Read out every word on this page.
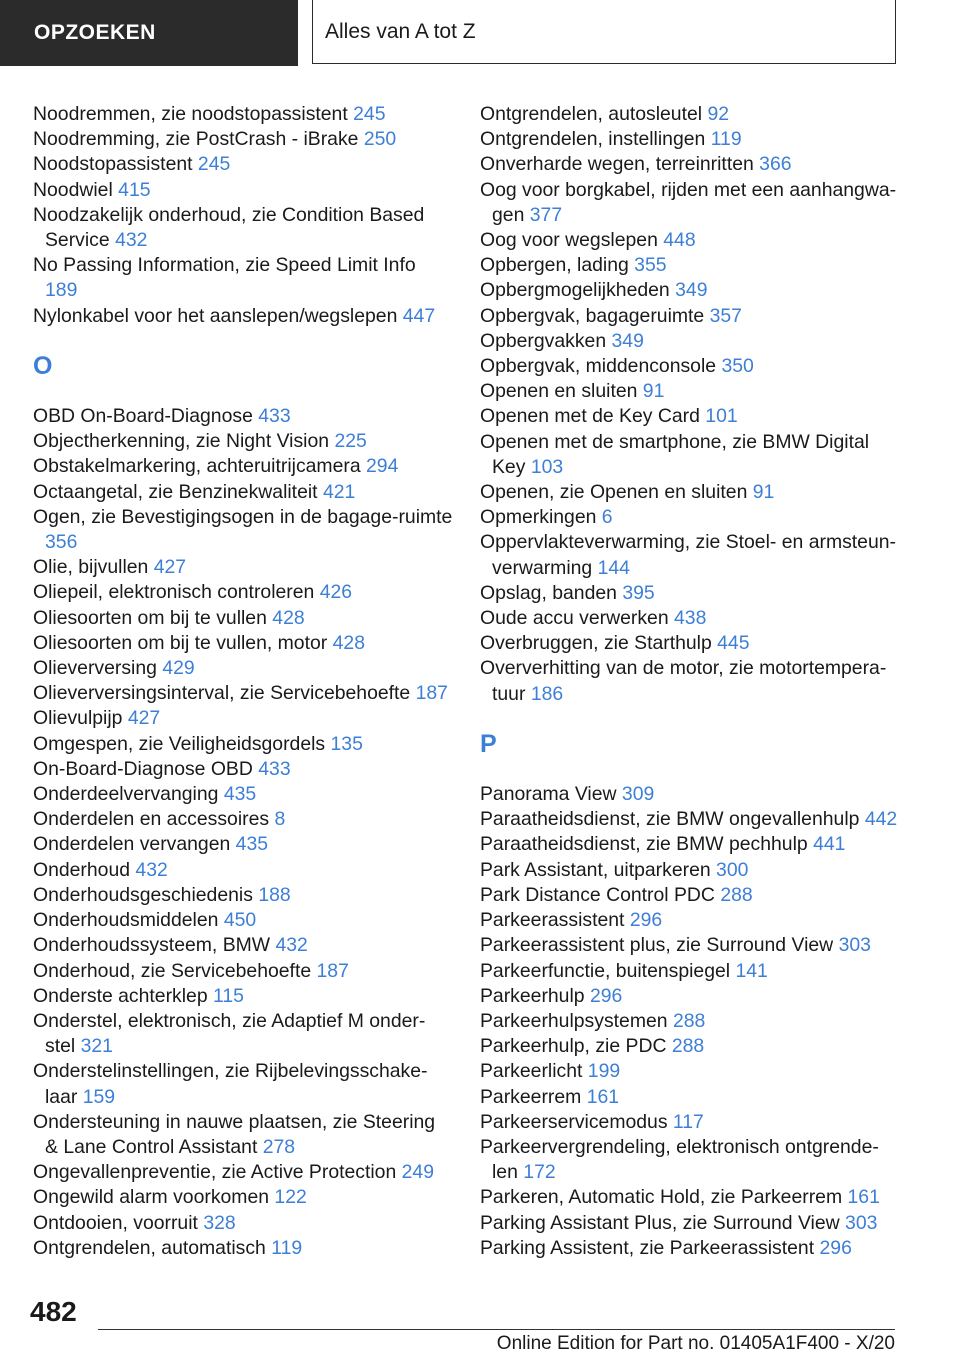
OPZOEKEN	Alles van A tot Z
Noodremmen, zie noodstopassistent 245
Noodremming, zie PostCrash - iBrake 250
Noodstopassistent 245
Noodwiel 415
Noodzakelijk onderhoud, zie Condition Based Service 432
No Passing Information, zie Speed Limit Info 189
Nylonkabel voor het aanslepen/wegslepen 447
O
OBD On-Board-Diagnose 433
Objectherkenning, zie Night Vision 225
Obstakelmarkering, achteruitrijcamera 294
Octaangetal, zie Benzinekwaliteit 421
Ogen, zie Bevestigingsogen in de bagage-ruimte 356
Olie, bijvullen 427
Oliepeil, elektronisch controleren 426
Oliesoorten om bij te vullen 428
Oliesoorten om bij te vullen, motor 428
Olieverversing 429
Olieverversingsinterval, zie Servicebehoefte 187
Olievulpijp 427
Omgespen, zie Veiligheidsgordels 135
On-Board-Diagnose OBD 433
Onderdeelvervanging 435
Onderdelen en accessoires 8
Onderdelen vervangen 435
Onderhoud 432
Onderhoudsgeschiedenis 188
Onderhoudsmiddelen 450
Onderhoudssysteem, BMW 432
Onderhoud, zie Servicebehoefte 187
Onderste achterklep 115
Onderstel, elektronisch, zie Adaptief M onder-stel 321
Onderstelinstellingen, zie Rijbelevingsschake-laar 159
Ondersteuning in nauwe plaatsen, zie Steering & Lane Control Assistant 278
Ongevallenpreventie, zie Active Protection 249
Ongewild alarm voorkomen 122
Ontdooien, voorruit 328
Ontgrendelen, automatisch 119
Ontgrendelen, autosleutel 92
Ontgrendelen, instellingen 119
Onverharde wegen, terreinritten 366
Oog voor borgkabel, rijden met een aanhangwa-gen 377
Oog voor wegslepen 448
Opbergen, lading 355
Opbergmogelijkheden 349
Opbergvak, bagageruimte 357
Opbergvakken 349
Opbergvak, middenconsole 350
Openen en sluiten 91
Openen met de Key Card 101
Openen met de smartphone, zie BMW Digital Key 103
Openen, zie Openen en sluiten 91
Opmerkingen 6
Oppervlakteverwarming, zie Stoel- en armsteun-verwarming 144
Opslag, banden 395
Oude accu verwerken 438
Overbruggen, zie Starthulp 445
Oververhitting van de motor, zie motortempera-tuur 186
P
Panorama View 309
Paraatheidsdienst, zie BMW ongevallenhulp 442
Paraatheidsdienst, zie BMW pechhulp 441
Park Assistant, uitparkeren 300
Park Distance Control PDC 288
Parkeerassistent 296
Parkeerassistent plus, zie Surround View 303
Parkeerfunctie, buitenspiegel 141
Parkeerhulp 296
Parkeerhulpsystemen 288
Parkeerhulp, zie PDC 288
Parkeerlicht 199
Parkeerrem 161
Parkeerservicemodus 117
Parkeervergrendeling, elektronisch ontgrende-len 172
Parkeren, Automatic Hold, zie Parkeerrem 161
Parking Assistant Plus, zie Surround View 303
Parking Assistent, zie Parkeerassistent 296
482
Online Edition for Part no. 01405A1F400 - X/20
